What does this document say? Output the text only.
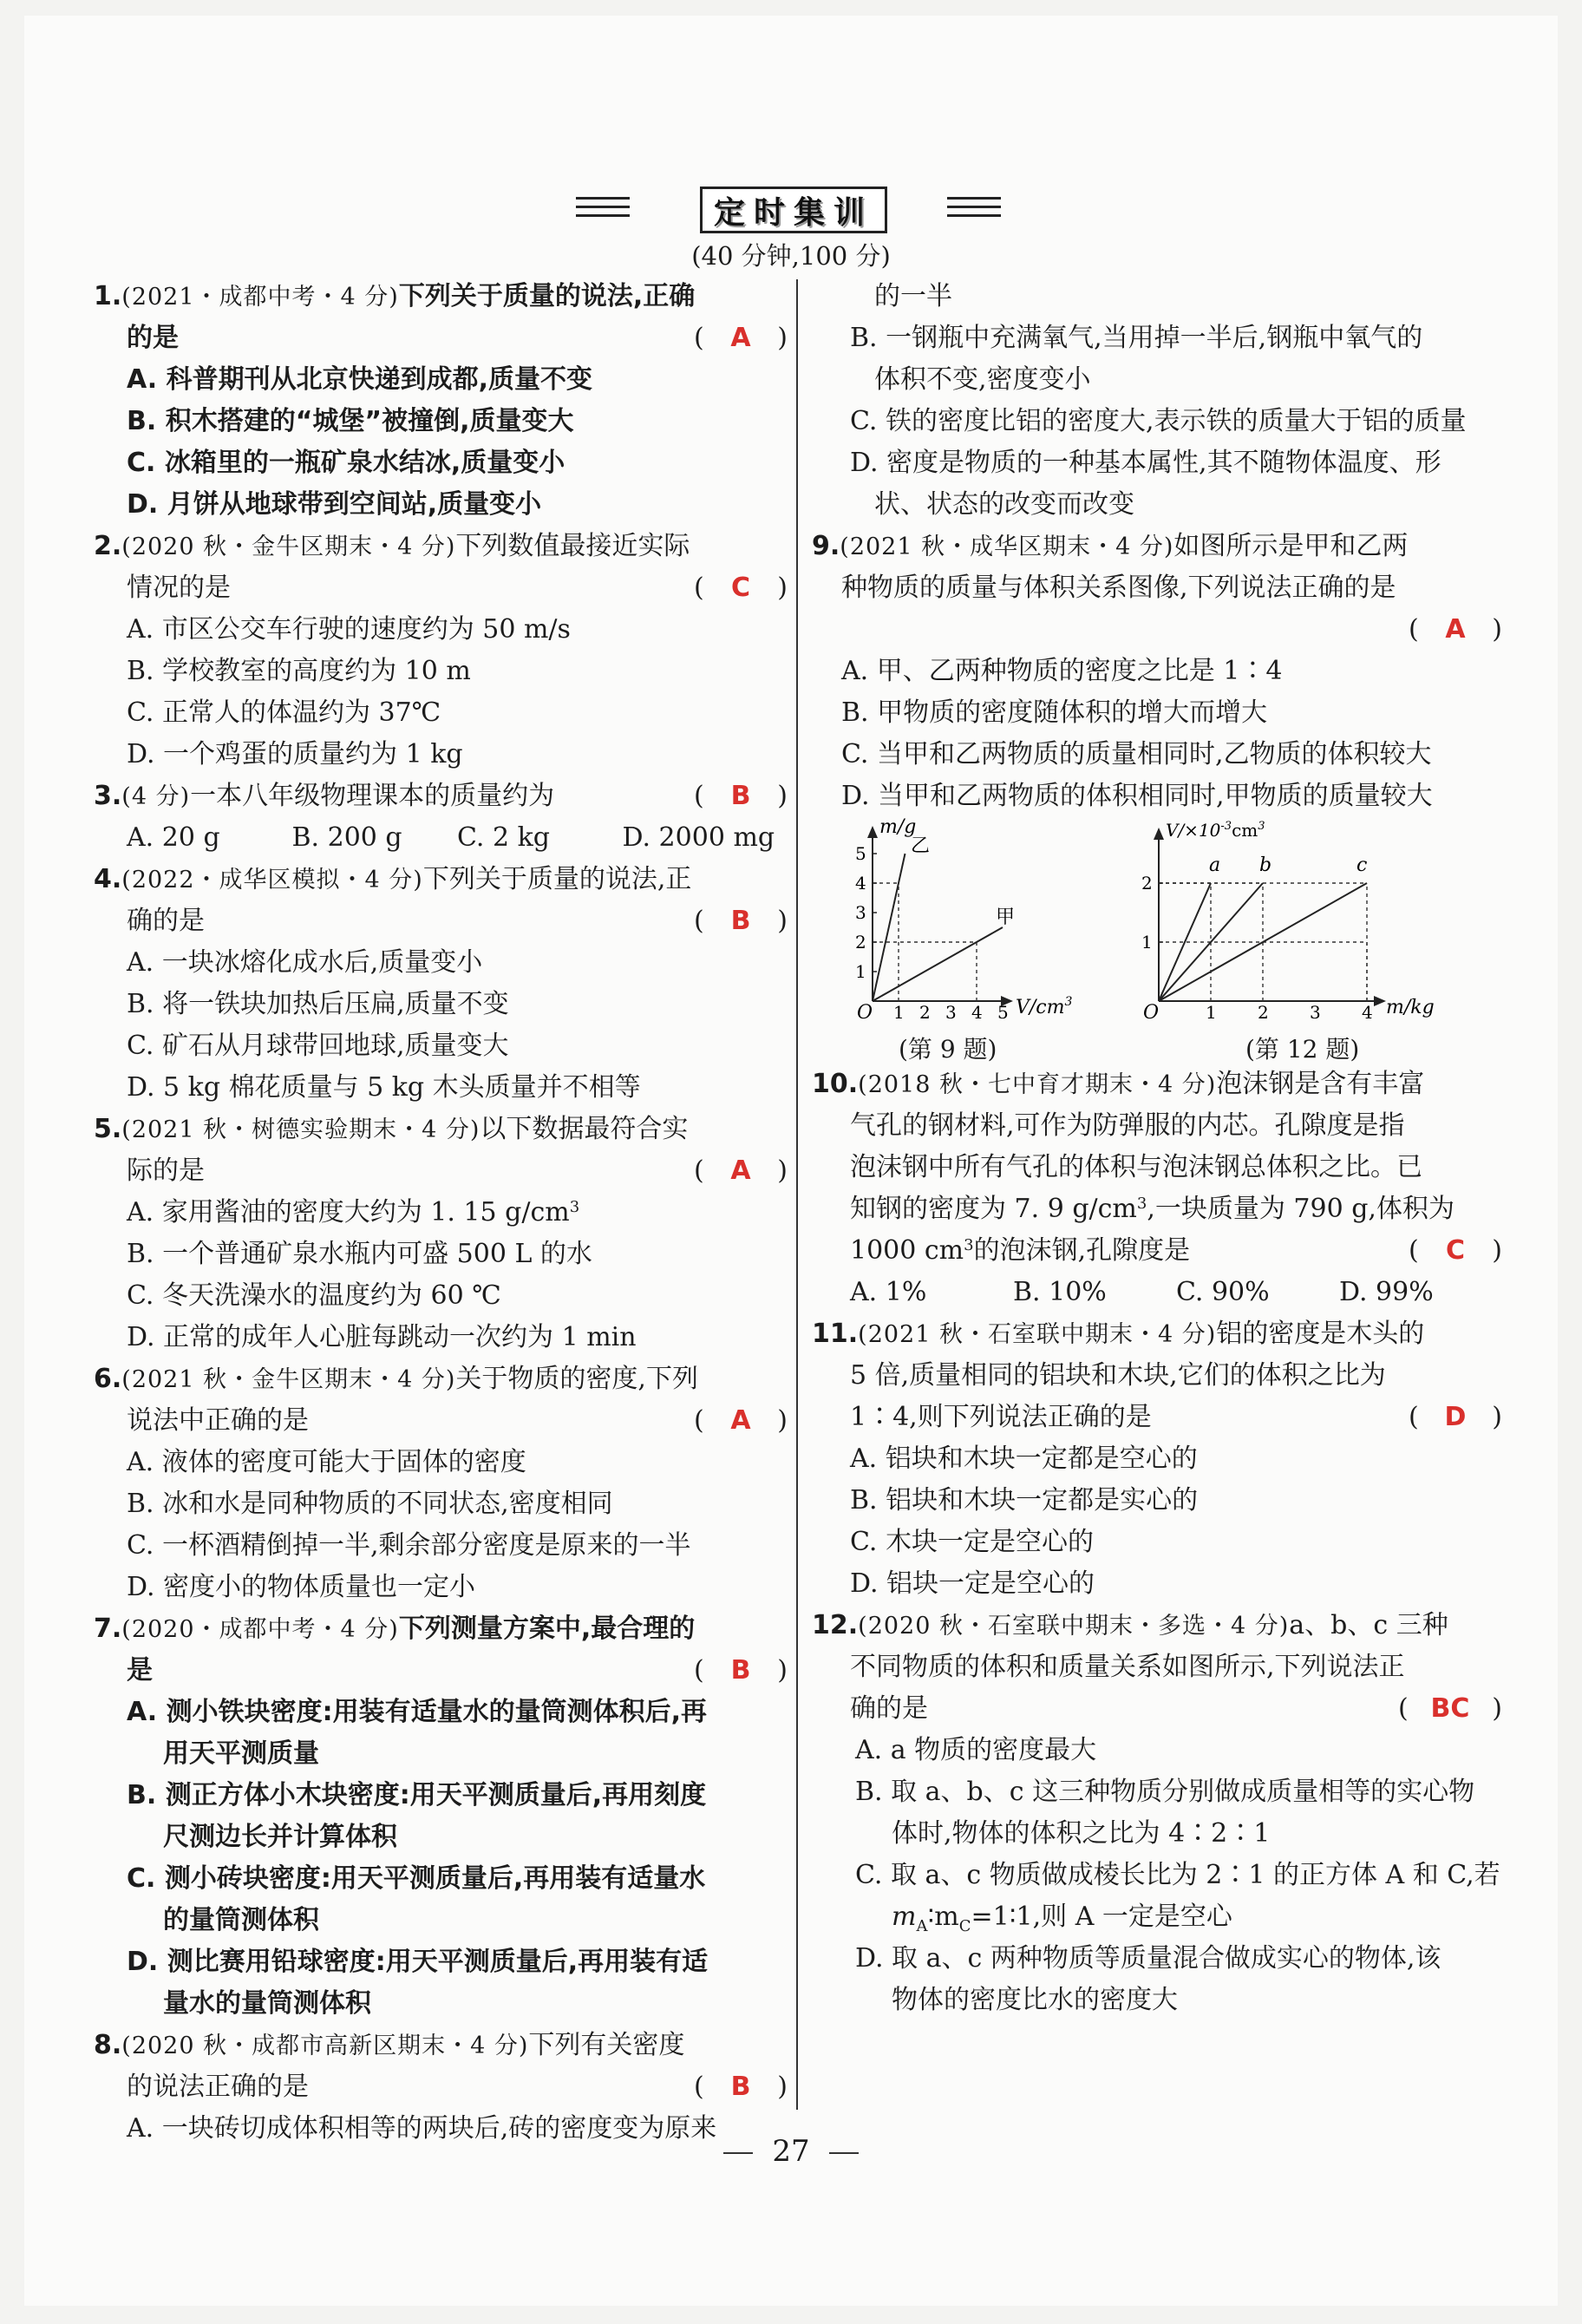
定时集训
(40 分钟,100 分)
1.(2021・成都中考・4 分)下列关于质量的说法,正确
的是	(	A	)
A. 科普期刊从北京快递到成都,质量不变
B. 积木搭建的“城堡”被撞倒,质量变大
C. 冰箱里的一瓶矿泉水结冰,质量变小
D. 月饼从地球带到空间站,质量变小
2.(2020 秋・金牛区期末・4 分)下列数值最接近实际
情况的是	(	C	)
A. 市区公交车行驶的速度约为 50 m/s
B. 学校教室的高度约为 10 m
C. 正常人的体温约为 37℃
D. 一个鸡蛋的质量约为 1 kg
3.(4 分)一本八年级物理课本的质量约为	(	B	)
A. 20 g	B. 200 g	C. 2 kg	D. 2000 mg
4.(2022・成华区模拟・4 分)下列关于质量的说法,正
确的是	(	B	)
A. 一块冰熔化成水后,质量变小
B. 将一铁块加热后压扁,质量不变
C. 矿石从月球带回地球,质量变大
D. 5 kg 棉花质量与 5 kg 木头质量并不相等
5.(2021 秋・树德实验期末・4 分)以下数据最符合实
际的是	(	A	)
A. 家用酱油的密度大约为 1. 15 $g/cm^3$
B. 一个普通矿泉水瓶内可盛 500 L 的水
C. 冬天洗澡水的温度约为 60 ℃
D. 正常的成年人心脏每跳动一次约为 1 min
6.(2021 秋・金牛区期末・4 分)关于物质的密度,下列
说法中正确的是	(	A	)
A. 液体的密度可能大于固体的密度
B. 冰和水是同种物质的不同状态,密度相同
C. 一杯酒精倒掉一半,剩余部分密度是原来的一半
D. 密度小的物体质量也一定小
7.(2020・成都中考・4 分)下列测量方案中,最合理的
是	(	B	)
A. 测小铁块密度:用装有适量水的量筒测体积后,再
用天平测质量
B. 测正方体小木块密度:用天平测质量后,再用刻度
尺测边长并计算体积
C. 测小砖块密度:用天平测质量后,再用装有适量水
的量筒测体积
D. 测比赛用铅球密度:用天平测质量后,再用装有适
量水的量筒测体积
8.(2020 秋・成都市高新区期末・4 分)下列有关密度
的说法正确的是	(	B	)
A. 一块砖切成体积相等的两块后,砖的密度变为原来
的一半
B. 一钢瓶中充满氧气,当用掉一半后,钢瓶中氧气的
体积不变,密度变小
C. 铁的密度比铝的密度大,表示铁的质量大于铝的质量
D. 密度是物质的一种基本属性,其不随物体温度、形
状、状态的改变而改变
9.(2021 秋・成华区期末・4 分)如图所示是甲和乙两
种物质的质量与体积关系图像,下列说法正确的是
(	A	)
A. 甲、乙两种物质的密度之比是 1∶4
B. 甲物质的密度随体积的增大而增大
C. 当甲和乙两物质的质量相同时,乙物质的体积较大
D. 当甲和乙两物质的体积相同时,甲物质的质量较大
m/g
$V/cm^3$
O 1 2 3 4 5
1
2
3
4
5 乙
甲
(第 9 题)
$V/\times 10^{-3}cm^3$
m/kg
O	1 2 3 4
1
2
a b	c
(第 12 题)
10.(2018 秋・七中育才期末・4 分)泡沫钢是含有丰富
气孔的钢材料,可作为防弹服的内芯。孔隙度是指
泡沫钢中所有气孔的体积与泡沫钢总体积之比。已
知钢的密度为 7. 9 $g/cm^3$,一块质量为 790 g,体积为
1000 $cm^3$的泡沫钢,孔隙度是	(	C	)
A. 1%	B. 10%	C. 90%	D. 99%
11.(2021 秋・石室联中期末・4 分)铝的密度是木头的
5 倍,质量相同的铝块和木块,它们的体积之比为
1∶4,则下列说法正确的是	( D )
A. 铝块和木块一定都是空心的
B. 铝块和木块一定都是实心的
C. 木块一定是空心的
D. 铝块一定是空心的
12.(2020 秋・石室联中期末・多选・4 分)a、b、c 三种
不同物质的体积和质量关系如图所示,下列说法正
确的是	( BC )
A. a 物质的密度最大
B. 取 a、b、c 这三种物质分别做成质量相等的实心物
体时,物体的体积之比为 4∶2∶1
C. 取 a、c 物质做成棱长比为 2∶1 的正方体 A 和 C,若
$m_A∶m_C=1∶1$,则 A 一定是空心
D. 取 a、c 两种物质等质量混合做成实心的物体,该
物体的密度比水的密度大
27
